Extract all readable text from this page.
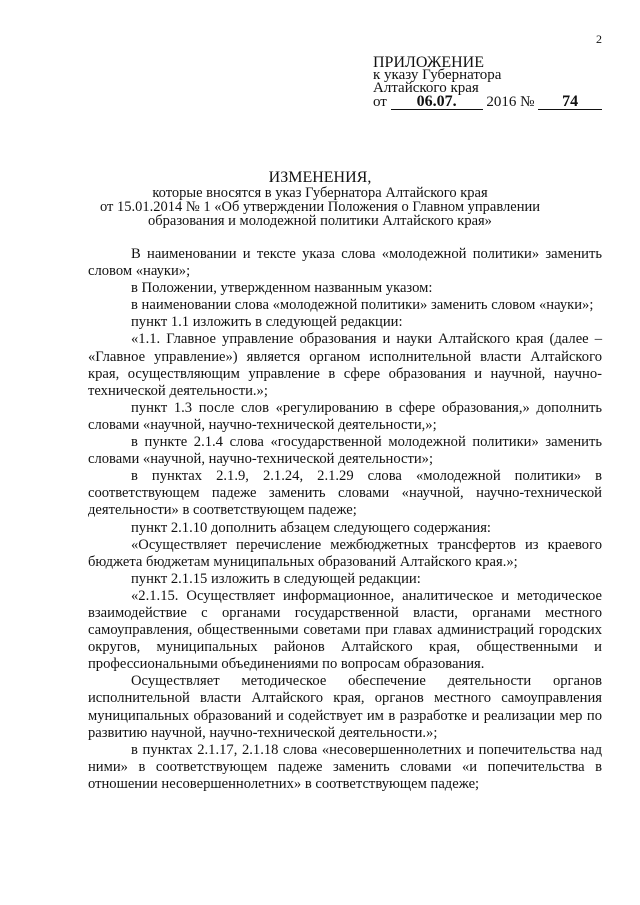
2
ПРИЛОЖЕНИЕ
к указу Губернатора
Алтайского края
от 06.07. 2016 № 74
ИЗМЕНЕНИЯ,
которые вносятся в указ Губернатора Алтайского края
от 15.01.2014 № 1 «Об утверждении Положения о Главном управлении
образования и молодежной политики Алтайского края»

В наименовании и тексте указа слова «молодежной политики» заменить словом «науки»;

в Положении, утвержденном названным указом:

в наименовании слова «молодежной политики» заменить словом «науки»;

пункт 1.1 изложить в следующей редакции:

«1.1. Главное управление образования и науки Алтайского края (далее – «Главное управление») является органом исполнительной власти Алтайского края, осуществляющим управление в сфере образования и научной, научно-технической деятельности.»;

пункт 1.3 после слов «регулированию в сфере образования,» дополнить словами «научной, научно-технической деятельности,»;

в пункте 2.1.4 слова «государственной молодежной политики» заменить словами «научной, научно-технической деятельности»;

в пунктах 2.1.9, 2.1.24, 2.1.29 слова «молодежной политики» в соответствующем падеже заменить словами «научной, научно-технической деятельности» в соответствующем падеже;

пункт 2.1.10 дополнить абзацем следующего содержания:

«Осуществляет перечисление межбюджетных трансфертов из краевого бюджета бюджетам муниципальных образований Алтайского края.»;

пункт 2.1.15 изложить в следующей редакции:

«2.1.15. Осуществляет информационное, аналитическое и методическое взаимодействие с органами государственной власти, органами местного самоуправления, общественными советами при главах администраций городских округов, муниципальных районов Алтайского края, общественными и профессиональными объединениями по вопросам образования.

Осуществляет методическое обеспечение деятельности органов исполнительной власти Алтайского края, органов местного самоуправления муниципальных образований и содействует им в разработке и реализации мер по развитию научной, научно-технической деятельности.»;

в пунктах 2.1.17, 2.1.18 слова «несовершеннолетних и попечительства над ними» в соответствующем падеже заменить словами «и попечительства в отношении несовершеннолетних» в соответствующем падеже;
